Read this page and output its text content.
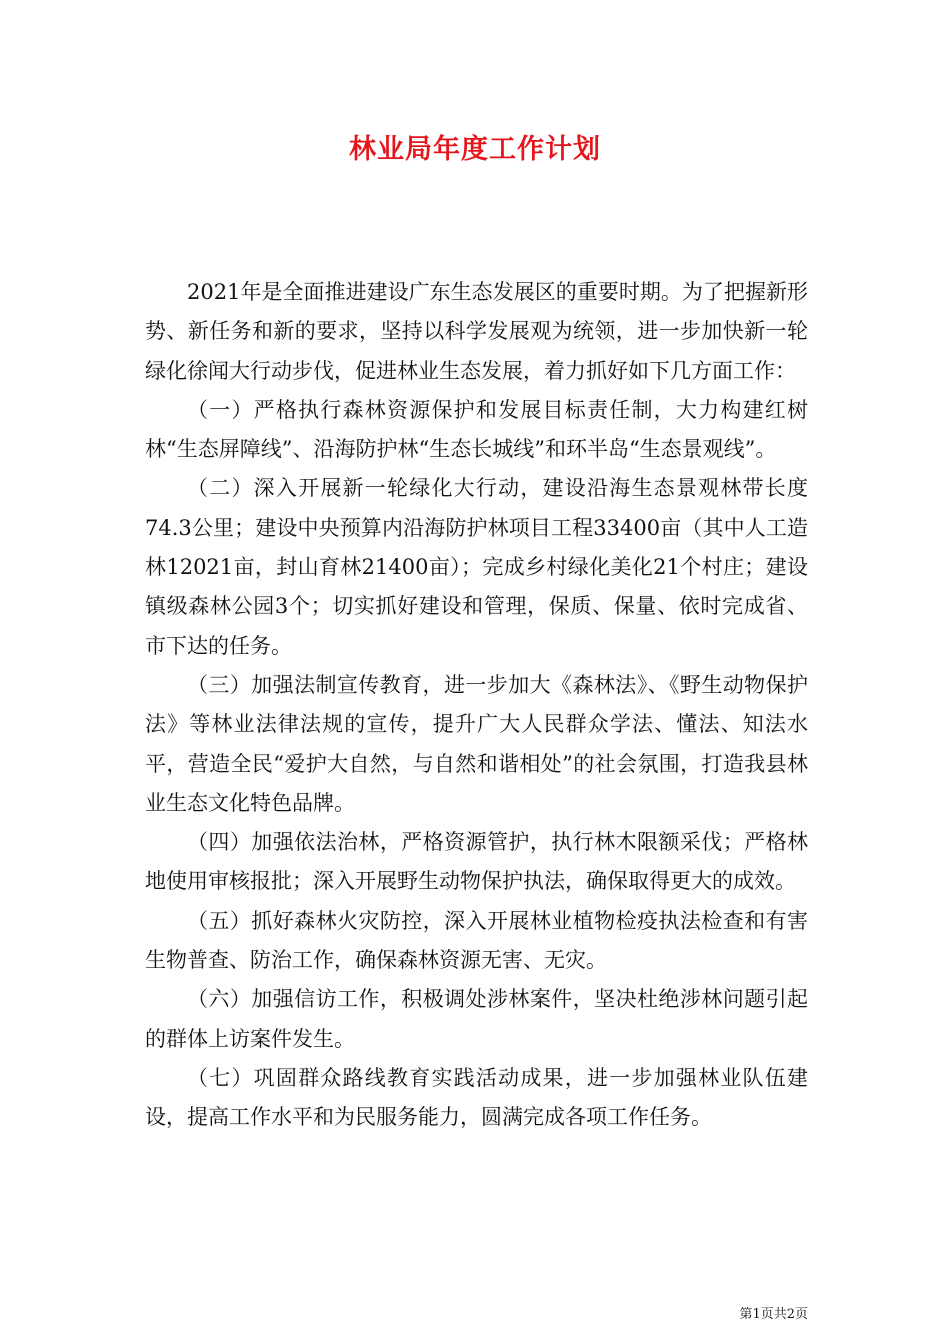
林业局年度工作计划

2021年是全面推进建设广东生态发展区的重要时期。为了把握新形势、新任务和新的要求，坚持以科学发展观为统领，进一步加快新一轮绿化徐闻大行动步伐，促进林业生态发展，着力抓好如下几方面工作：

（一）严格执行森林资源保护和发展目标责任制，大力构建红树林“生态屏障线”、沿海防护林“生态长城线”和环半岛“生态景观线”。

（二）深入开展新一轮绿化大行动，建设沿海生态景观林带长度74.3公里；建设中央预算内沿海防护林项目工程33400亩（其中人工造林12021亩，封山育林21400亩）；完成乡村绿化美化21个村庄；建设镇级森林公园3个；切实抓好建设和管理，保质、保量、依时完成省、市下达的任务。

（三）加强法制宣传教育，进一步加大《森林法》、《野生动物保护法》等林业法律法规的宣传，提升广大人民群众学法、懂法、知法水平，营造全民“爱护大自然，与自然和谐相处”的社会氛围，打造我县林业生态文化特色品牌。

（四）加强依法治林，严格资源管护，执行林木限额采伐；严格林地使用审核报批；深入开展野生动物保护执法，确保取得更大的成效。

（五）抓好森林火灾防控，深入开展林业植物检疫执法检查和有害生物普查、防治工作，确保森林资源无害、无灾。

（六）加强信访工作，积极调处涉林案件，坚决杜绝涉林问题引起的群体上访案件发生。

（七）巩固群众路线教育实践活动成果，进一步加强林业队伍建设，提高工作水平和为民服务能力，圆满完成各项工作任务。

第1页共2页
